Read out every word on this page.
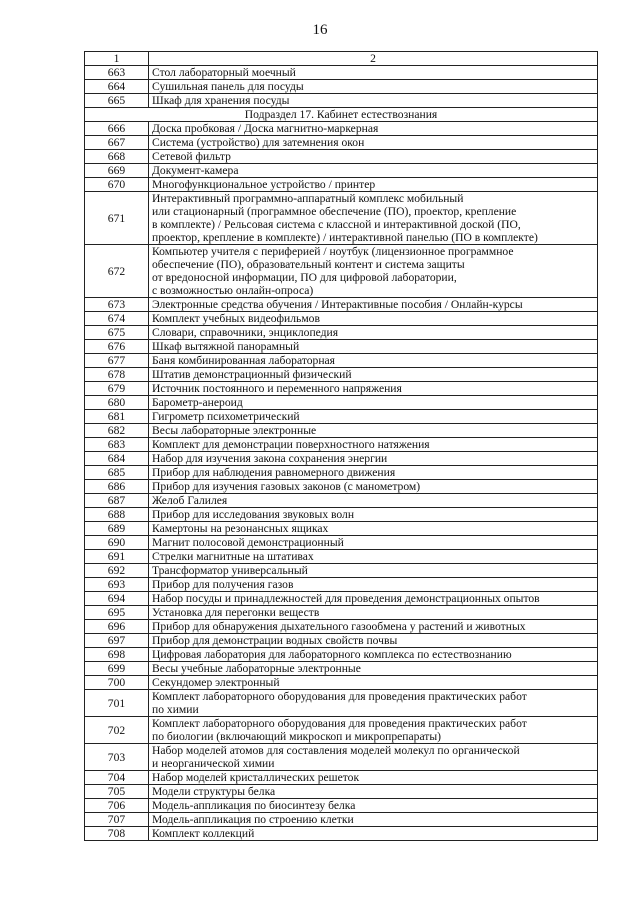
16
1	2
663	Стол лабораторный моечный
664	Сушильная панель для посуды
665	Шкаф для хранения посуды
Подраздел 17. Кабинет естествознания	
666	Доска пробковая / Доска магнитно-маркерная
667	Система (устройство) для затемнения окон
668	Сетевой фильтр
669	Документ-камера
670	Многофункциональное устройство / принтер
671	Интерактивный программно-аппаратный комплекс мобильный
или стационарный (программное обеспечение (ПО), проектор, крепление
в комплекте) / Рельсовая система с классной и интерактивной доской (ПО,
проектор, крепление в комплекте) / интерактивной панелью (ПО в комплекте)
672	Компьютер учителя с периферией / ноутбук (лицензионное программное
обеспечение (ПО), образовательный контент и система защиты
от вредоносной информации, ПО для цифровой лаборатории,
с возможностью онлайн-опроса)
673	Электронные средства обучения / Интерактивные пособия / Онлайн-курсы
674	Комплект учебных видеофильмов
675	Словари, справочники, энциклопедия
676	Шкаф вытяжной панорамный
677	Баня комбинированная лабораторная
678	Штатив демонстрационный физический
679	Источник постоянного и переменного напряжения
680	Барометр-анероид
681	Гигрометр психометрический
682	Весы лабораторные электронные
683	Комплект для демонстрации поверхностного натяжения
684	Набор для изучения закона сохранения энергии
685	Прибор для наблюдения равномерного движения
686	Прибор для изучения газовых законов (с манометром)
687	Желоб Галилея
688	Прибор для исследования звуковых волн
689	Камертоны на резонансных ящиках
690	Магнит полосовой демонстрационный
691	Стрелки магнитные на штативах
692	Трансформатор универсальный
693	Прибор для получения газов
694	Набор посуды и принадлежностей для проведения демонстрационных опытов
695	Установка для перегонки веществ
696	Прибор для обнаружения дыхательного газообмена у растений и животных
697	Прибор для демонстрации водных свойств почвы
698	Цифровая лаборатория для лабораторного комплекса по естествознанию
699	Весы учебные лабораторные электронные
700	Секундомер электронный
701	Комплект лабораторного оборудования для проведения практических работ
по химии
702	Комплект лабораторного оборудования для проведения практических работ
по биологии (включающий микроскоп и микропрепараты)
703	Набор моделей атомов для составления моделей молекул по органической
и неорганической химии
704	Набор моделей кристаллических решеток
705	Модели структуры белка
706	Модель-аппликация по биосинтезу белка
707	Модель-аппликация по строению клетки
708	Комплект коллекций
